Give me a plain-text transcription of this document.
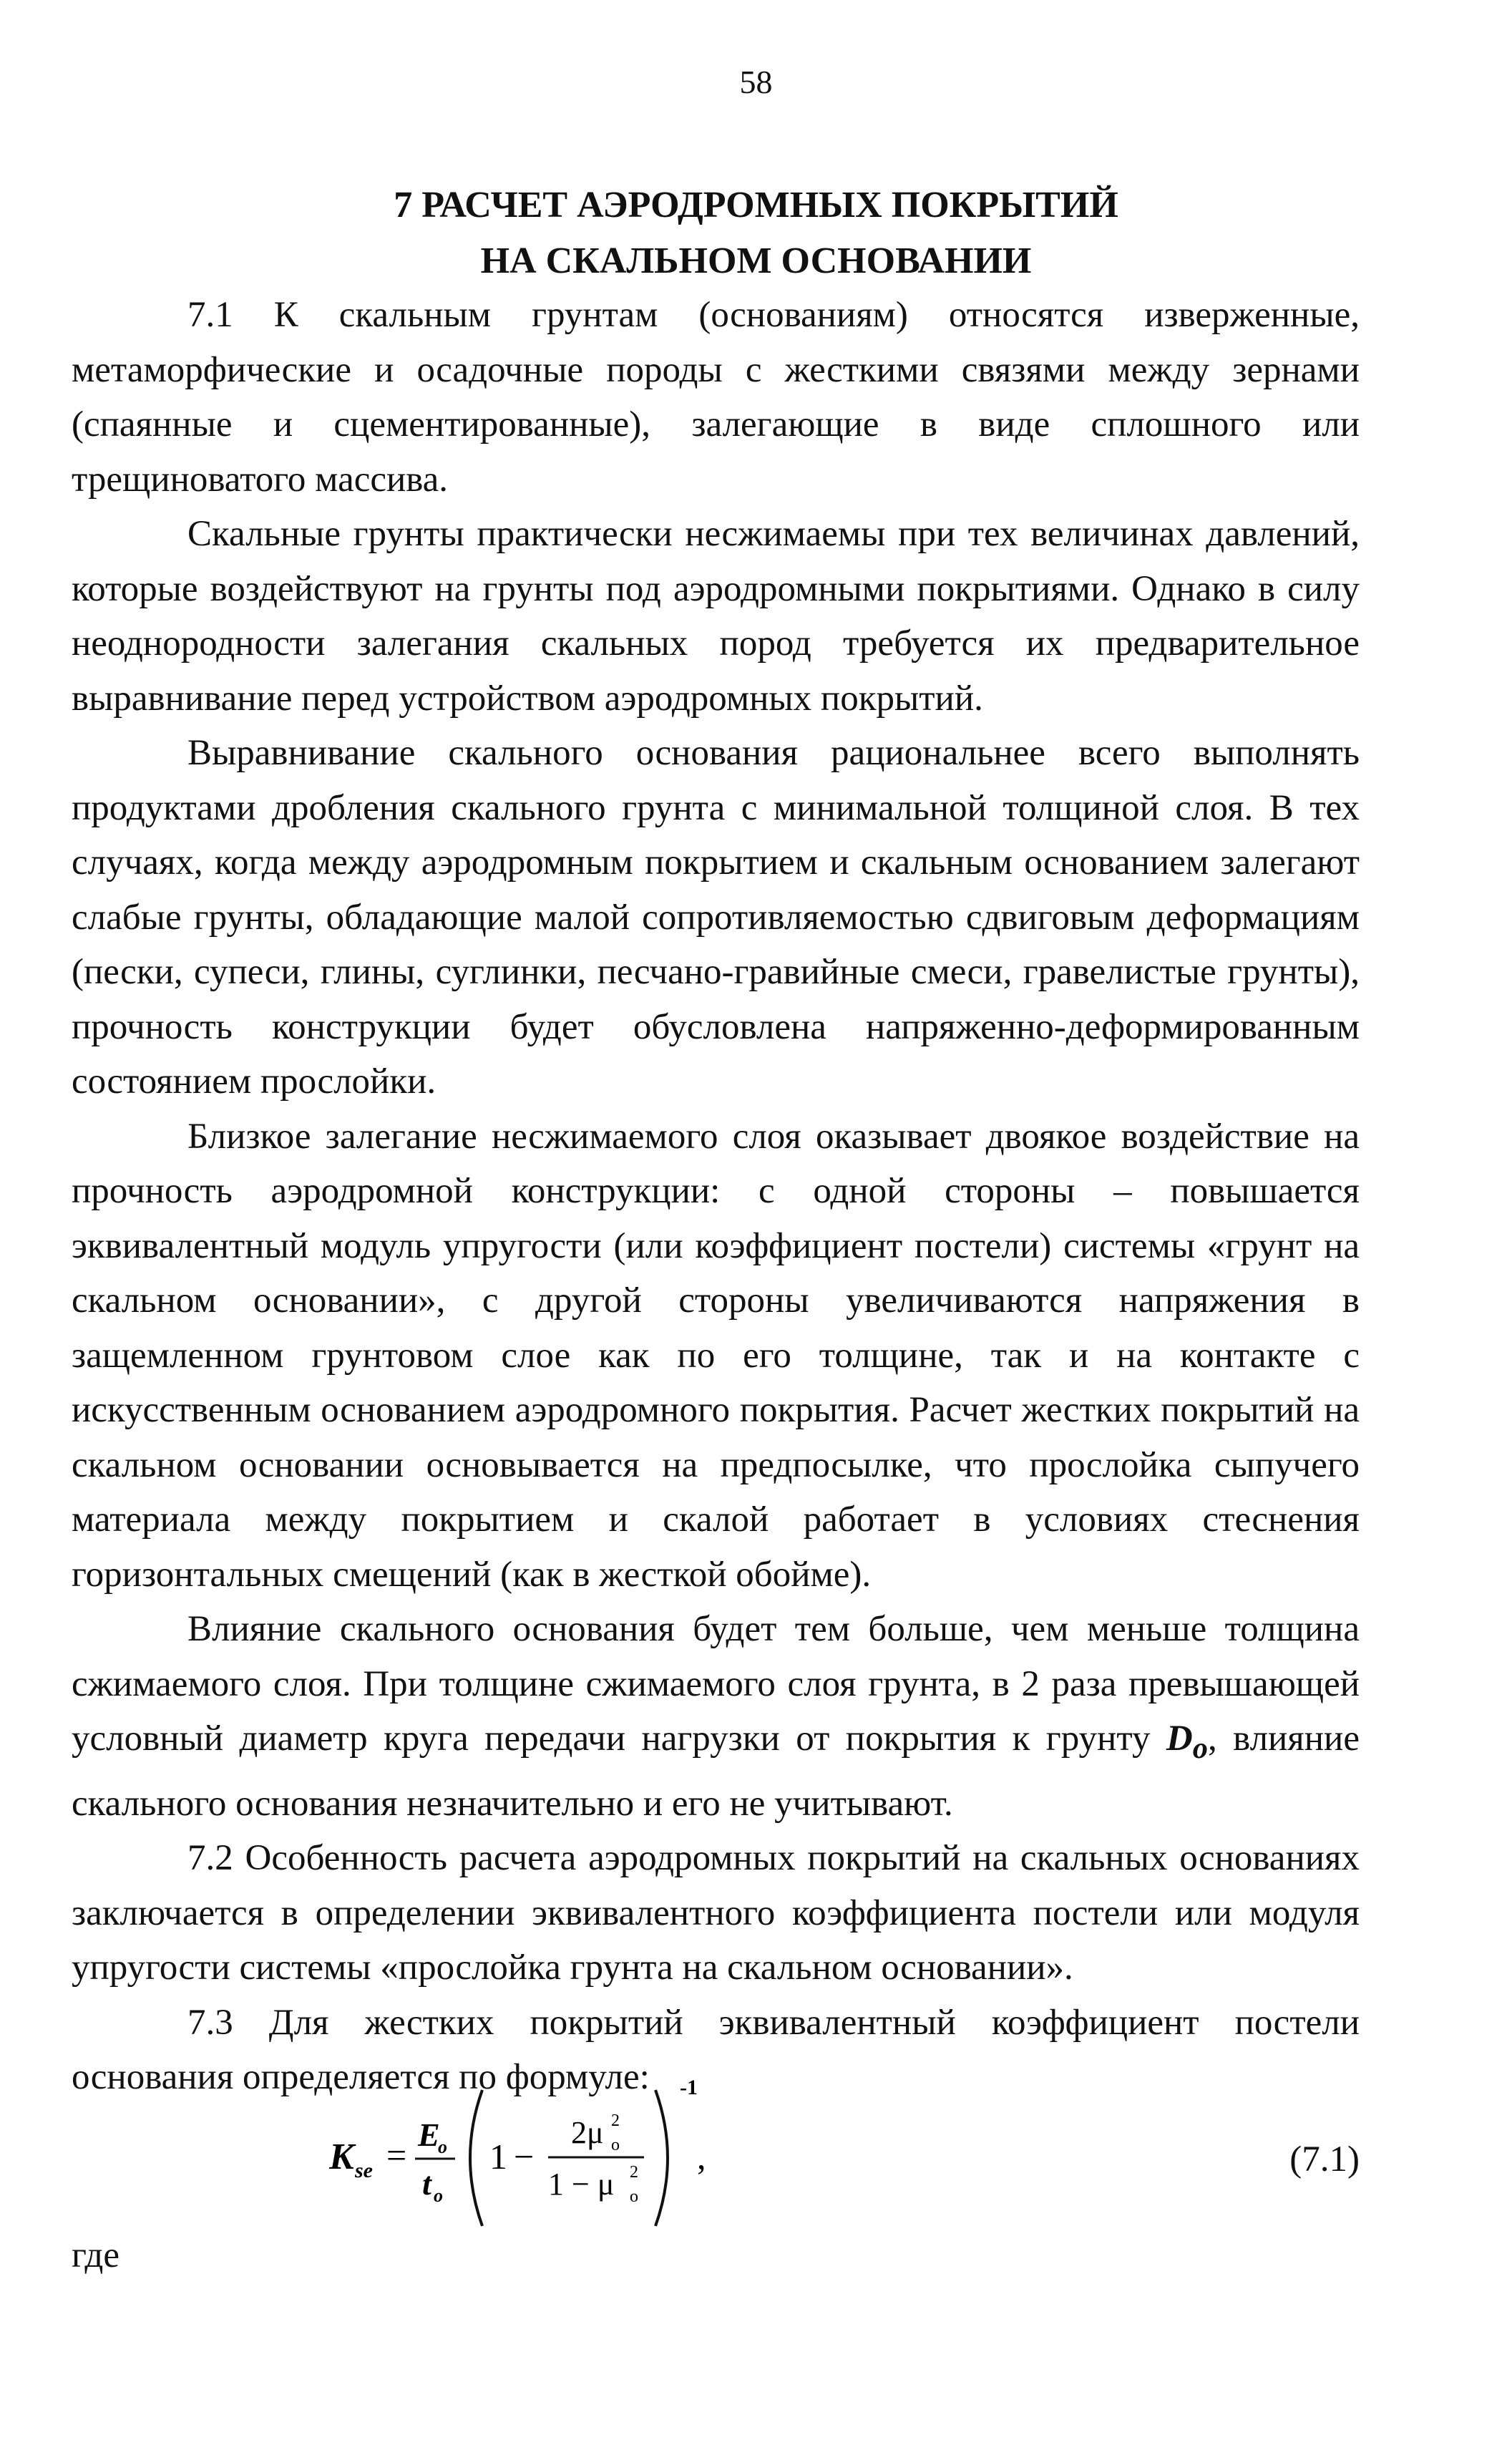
58
7 РАСЧЕТ АЭРОДРОМНЫХ ПОКРЫТИЙ
НА СКАЛЬНОМ ОСНОВАНИИ

7.1 К скальным грунтам (основаниям) относятся изверженные, метаморфические и осадочные породы с жесткими связями между зернами (спаянные и сцементированные), залегающие в виде сплошного или трещиноватого массива.

Скальные грунты практически несжимаемы при тех величинах давлений, которые воздействуют на грунты под аэродромными покрытиями. Однако в силу неоднородности залегания скальных пород требуется их предварительное выравнивание перед устройством аэродромных покрытий.

Выравнивание скального основания рациональнее всего выполнять продуктами дробления скального грунта с минимальной толщиной слоя. В тех случаях, когда между аэродромным покрытием и скальным основанием залегают слабые грунты, обладающие малой сопротивляемостью сдвиговым деформациям (пески, супеси, глины, суглинки, песчано-гравийные смеси, гравелистые грунты), прочность конструкции будет обусловлена напряженно-деформированным состоянием прослойки.

Близкое залегание несжимаемого слоя оказывает двоякое воздействие на прочность аэродромной конструкции: с одной стороны – повышается эквивалентный модуль упругости (или коэффициент постели) системы «грунт на скальном основании», с другой стороны увеличиваются напряжения в защемленном грунтовом слое как по его толщине, так и на контакте с искусственным основанием аэродромного покрытия. Расчет жестких покрытий на скальном основании основывается на предпосылке, что прослойка сыпучего материала между покрытием и скалой работает в условиях стеснения горизонтальных смещений (как в жесткой обойме).

Влияние скального основания будет тем больше, чем меньше толщина сжимаемого слоя. При толщине сжимаемого слоя грунта, в 2 раза превышающей условный диаметр круга передачи нагрузки от покрытия к грунту $D_o$, влияние скального основания незначительно и его не учитывают.

7.2 Особенность расчета аэродромных покрытий на скальных основаниях заключается в определении эквивалентного коэффициента постели или модуля упругости системы «прослойка грунта на скальном основании».

7.3 Для жестких покрытий эквивалентный коэффициент постели основания определяется по формуле:

K se =
E
o
t o
1 −
2μ 2
o
1 − μ 2
o
-1
,	(7.1)
где
